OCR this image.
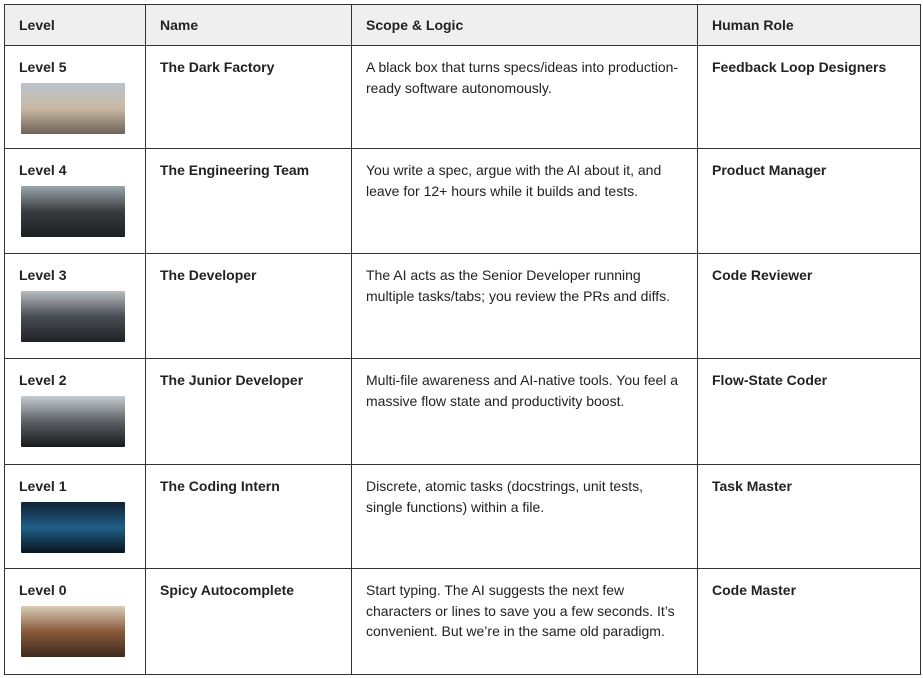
Level	Name	Scope & Logic	Human Role

Level 5	The Dark Factory	A black box that turns specs/ideas into production-ready software autonomously.	Feedback Loop Designers

Level 4	The Engineering Team	You write a spec, argue with the AI about it, and leave for 12+ hours while it builds and tests.	Product Manager

Level 3	The Developer	The AI acts as the Senior Developer running multiple tasks/tabs; you review the PRs and diffs.	Code Reviewer

Level 2	The Junior Developer	Multi-file awareness and AI-native tools. You feel a massive flow state and productivity boost.	Flow-State Coder

Level 1	The Coding Intern	Discrete, atomic tasks (docstrings, unit tests, single functions) within a file.	Task Master

Level 0	Spicy Autocomplete	Start typing. The AI suggests the next few characters or lines to save you a few seconds. It’s convenient. But we’re in the same old paradigm.	Code Master
